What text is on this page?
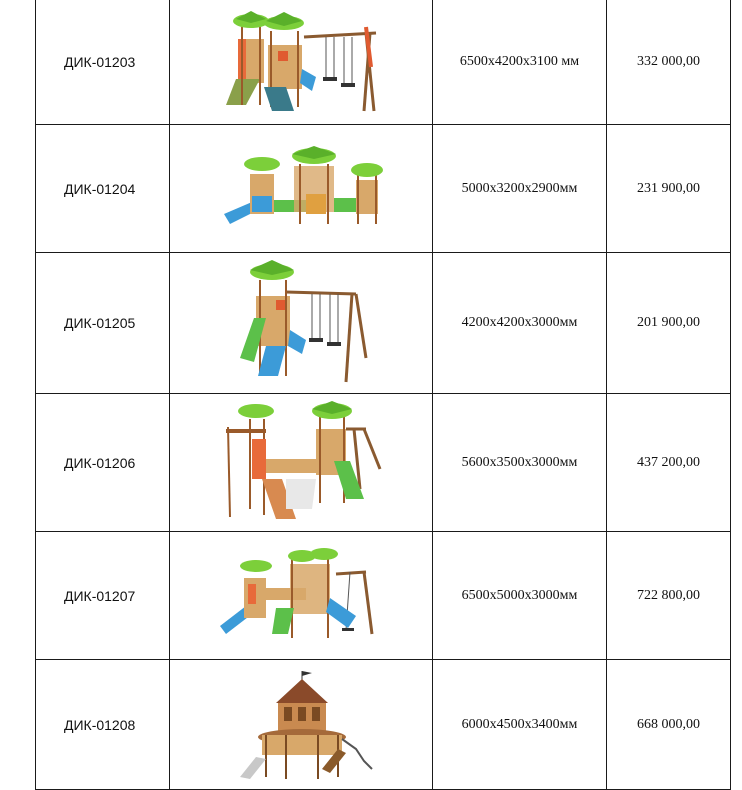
ДИК-01203		6500х4200х3100 мм	332 000,00
ДИК-01204		5000х3200х2900мм	231 900,00
ДИК-01205		4200х4200х3000мм	201 900,00
ДИК-01206		5600х3500х3000мм	437 200,00
ДИК-01207		6500х5000х3000мм	722 800,00
ДИК-01208		6000х4500х3400мм	668 000,00
